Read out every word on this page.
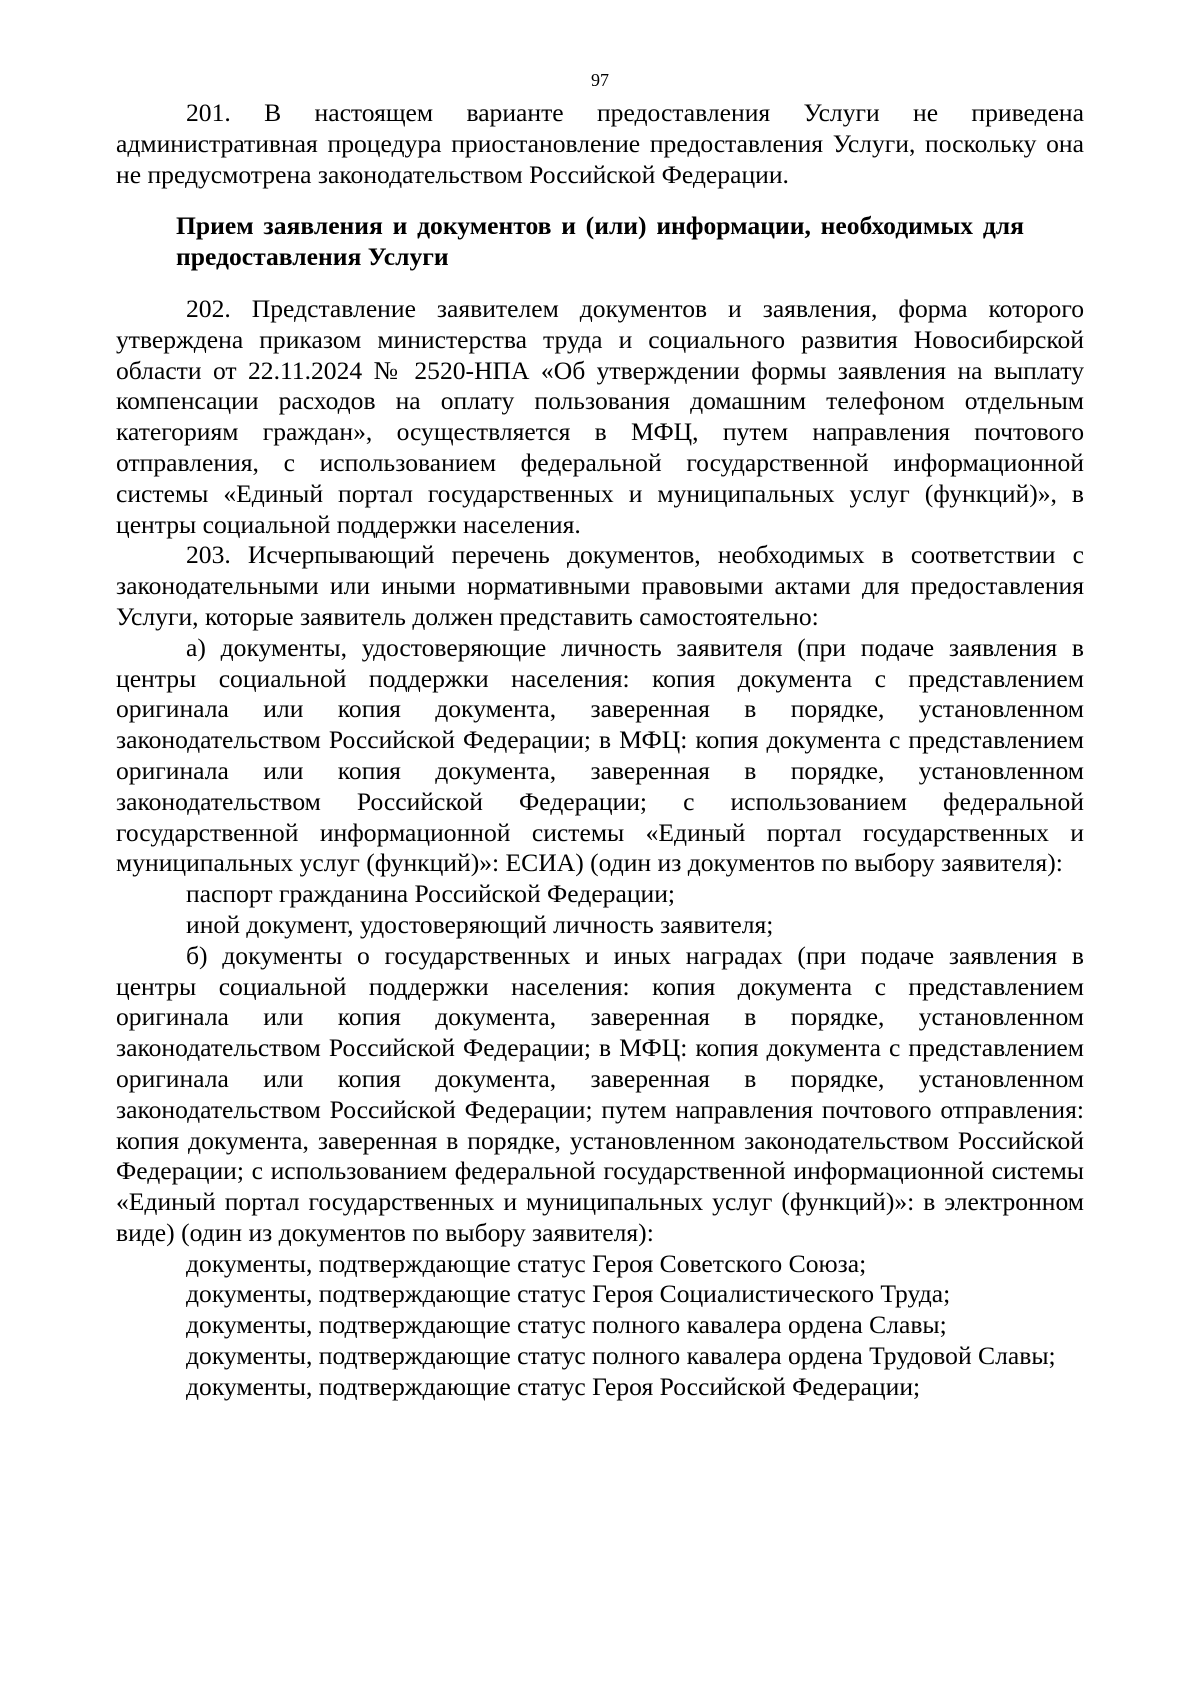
97

201. В настоящем варианте предоставления Услуги не приведена административная процедура приостановление предоставления Услуги, поскольку она не предусмотрена законодательством Российской Федерации.

Прием заявления и документов и (или) информации, необходимых для предоставления Услуги

202. Представление заявителем документов и заявления, форма которого утверждена приказом министерства труда и социального развития Новосибирской области от 22.11.2024 № 2520-НПА «Об утверждении формы заявления на выплату компенсации расходов на оплату пользования домашним телефоном отдельным категориям граждан», осуществляется в МФЦ, путем направления почтового отправления, с использованием федеральной государственной информационной системы «Единый портал государственных и муниципальных услуг (функций)», в центры социальной поддержки населения.

203. Исчерпывающий перечень документов, необходимых в соответствии с законодательными или иными нормативными правовыми актами для предоставления Услуги, которые заявитель должен представить самостоятельно:

а) документы, удостоверяющие личность заявителя (при подаче заявления в центры социальной поддержки населения: копия документа с представлением оригинала или копия документа, заверенная в порядке, установленном законодательством Российской Федерации; в МФЦ: копия документа с представлением оригинала или копия документа, заверенная в порядке, установленном законодательством Российской Федерации; с использованием федеральной государственной информационной системы «Единый портал государственных и муниципальных услуг (функций)»: ЕСИА) (один из документов по выбору заявителя):

паспорт гражданина Российской Федерации;

иной документ, удостоверяющий личность заявителя;

б) документы о государственных и иных наградах (при подаче заявления в центры социальной поддержки населения: копия документа с представлением оригинала или копия документа, заверенная в порядке, установленном законодательством Российской Федерации; в МФЦ: копия документа с представлением оригинала или копия документа, заверенная в порядке, установленном законодательством Российской Федерации; путем направления почтового отправления: копия документа, заверенная в порядке, установленном законодательством Российской Федерации; с использованием федеральной государственной информационной системы «Единый портал государственных и муниципальных услуг (функций)»: в электронном виде) (один из документов по выбору заявителя):

документы, подтверждающие статус Героя Советского Союза;

документы, подтверждающие статус Героя Социалистического Труда;

документы, подтверждающие статус полного кавалера ордена Славы;

документы, подтверждающие статус полного кавалера ордена Трудовой Славы;

документы, подтверждающие статус Героя Российской Федерации;
